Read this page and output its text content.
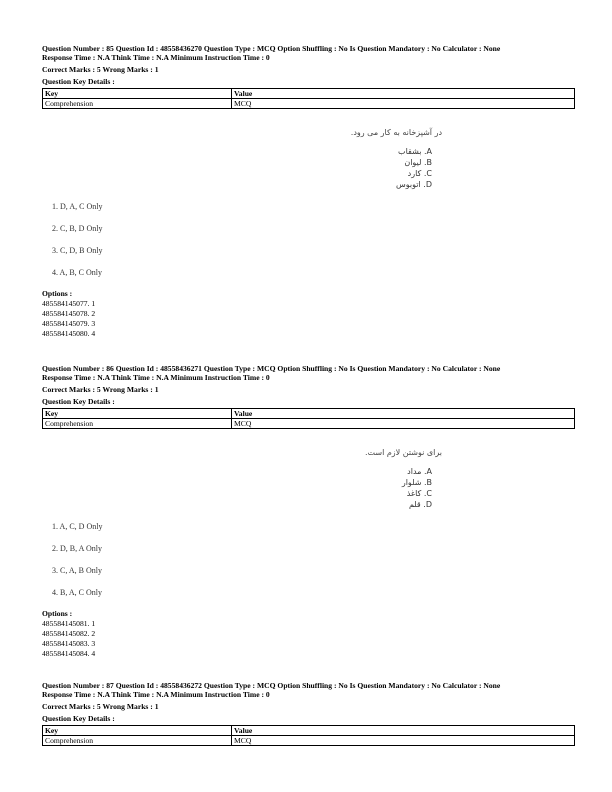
Question Number : 85 Question Id : 48558436270 Question Type : MCQ Option Shuffling : No Is Question Mandatory : No Calculator : None

Response Time : N.A Think Time : N.A Minimum Instruction Time : 0

Correct Marks : 5 Wrong Marks : 1

Question Key Details :

Key	Value
Comprehension	MCQ
در آشپزخانه به کار می رود.
A. بشقاب
B. لیوان
C. کارد
D. اتوبوس
1. D, A, C Only
2. C, B, D Only
3. C, D, B Only
4. A, B, C Only
Options :
485584145077. 1
485584145078. 2
485584145079. 3
485584145080. 4

Question Number : 86 Question Id : 48558436271 Question Type : MCQ Option Shuffling : No Is Question Mandatory : No Calculator : None

Response Time : N.A Think Time : N.A Minimum Instruction Time : 0

Correct Marks : 5 Wrong Marks : 1

Question Key Details :

Key	Value
Comprehension	MCQ
برای نوشتن لازم است.
A. مداد
B. شلوار
C. کاغذ
D. قلم
1. A, C, D Only
2. D, B, A Only
3. C, A, B Only
4. B, A, C Only
Options :
485584145081. 1
485584145082. 2
485584145083. 3
485584145084. 4

Question Number : 87 Question Id : 48558436272 Question Type : MCQ Option Shuffling : No Is Question Mandatory : No Calculator : None

Response Time : N.A Think Time : N.A Minimum Instruction Time : 0

Correct Marks : 5 Wrong Marks : 1

Question Key Details :

Key	Value
Comprehension	MCQ
